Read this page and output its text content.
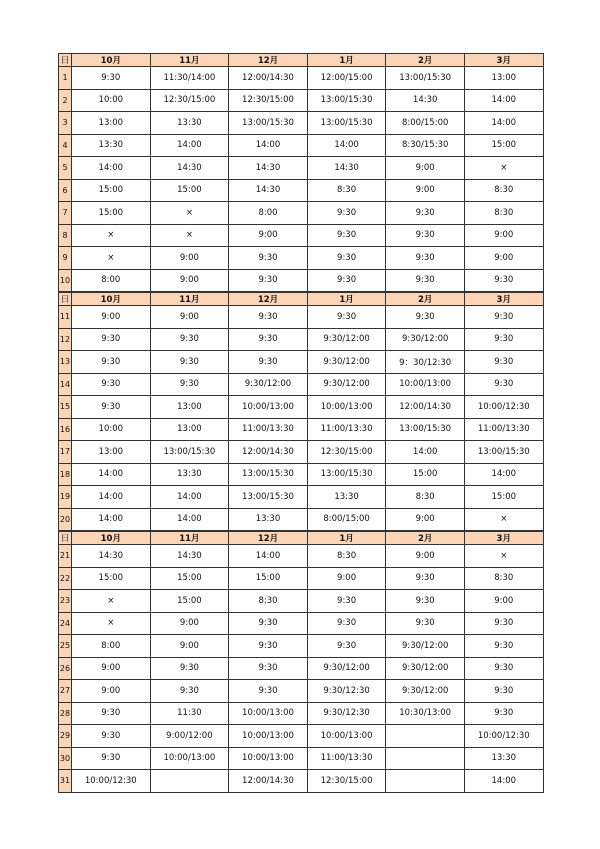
日	10月	11月	12月	1月	2月	3月
1	9:30	11:30/14:00	12:00/14:30	12:00/15:00	13:00/15:30	13:00
2	10:00	12:30/15:00	12:30/15:00	13:00/15:30	14:30	14:00
3	13:00	13:30	13:00/15:30	13:00/15:30	8:00/15:00	14:00
4	13:30	14:00	14:00	14:00	8:30/15:30	15:00
5	14:00	14:30	14:30	14:30	9:00	×
6	15:00	15:00	14:30	8:30	9:00	8:30
7	15:00	×	8:00	9:30	9:30	8:30
8	×	×	9:00	9:30	9:30	9:00
9	×	9:00	9:30	9:30	9:30	9:00
10	8:00	9:00	9:30	9:30	9:30	9:30
日	10月	11月	12月	1月	2月	3月
11	9:00	9:00	9:30	9:30	9:30	9:30
12	9:30	9:30	9:30	9:30/12:00	9:30/12:00	9:30
13	9:30	9:30	9:30	9:30/12:00	9：30/12:30	9:30
14	9:30	9:30	9:30/12:00	9:30/12:00	10:00/13:00	9:30
15	9:30	13:00	10:00/13:00	10:00/13:00	12:00/14:30	10:00/12:30
16	10:00	13:00	11:00/13:30	11:00/13:30	13:00/15:30	11:00/13:30
17	13:00	13:00/15:30	12:00/14:30	12:30/15:00	14:00	13:00/15:30
18	14:00	13:30	13:00/15:30	13:00/15:30	15:00	14:00
19	14:00	14:00	13:00/15:30	13:30	8:30	15:00
20	14:00	14:00	13:30	8:00/15:00	9:00	×
日	10月	11月	12月	1月	2月	3月
21	14:30	14:30	14:00	8:30	9:00	×
22	15:00	15:00	15:00	9:00	9:30	8:30
23	×	15:00	8:30	9:30	9:30	9:00
24	×	9:00	9:30	9:30	9:30	9:30
25	8:00	9:00	9:30	9:30	9:30/12:00	9:30
26	9:00	9:30	9:30	9:30/12:00	9:30/12:00	9:30
27	9:00	9:30	9:30	9:30/12:30	9:30/12:00	9:30
28	9:30	11:30	10:00/13:00	9:30/12:30	10:30/13:00	9:30
29	9:30	9:00/12:00	10:00/13:00	10:00/13:00		10:00/12:30
30	9:30	10:00/13:00	10:00/13:00	11:00/13:30		13:30
31	10:00/12:30		12:00/14:30	12:30/15:00		14:00
